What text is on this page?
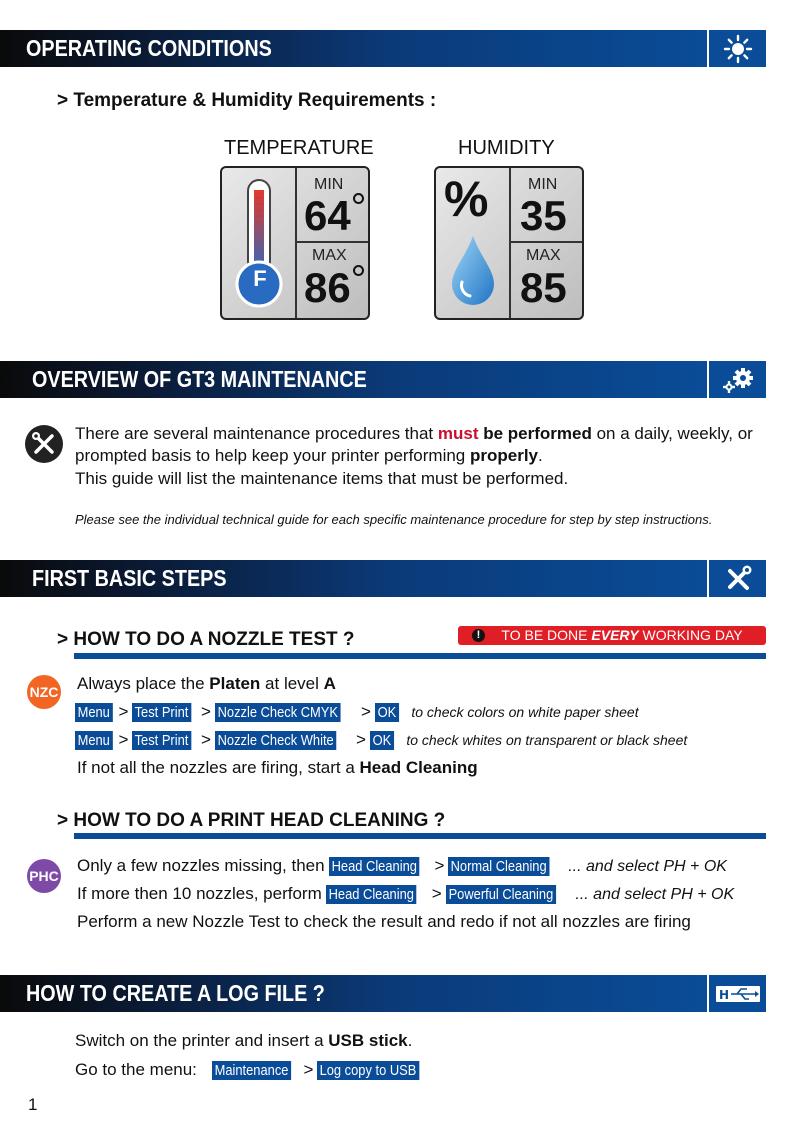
OPERATING CONDITIONS
> Temperature & Humidity Requirements :
TEMPERATURE
F
MIN
64
MAX
86
HUMIDITY
% MIN
35
MAX
85
OVERVIEW OF GT3 MAINTENANCE
There are several maintenance procedures that must be performed on a daily, weekly, or
prompted basis to help keep your printer performing properly.
This guide will list the maintenance items that must be performed.
Please see the individual technical guide for each specific maintenance procedure for step by step instructions.
FIRST BASIC STEPS
> HOW TO DO A NOZZLE TEST ?	!	TO BE DONE EVERY WORKING DAY
NZC Always place the Platen at level A
Menu > Test Print > Nozzle Check CMYK > OK to check colors on white paper sheet
Menu > Test Print > Nozzle Check White > OK to check whites on transparent or black sheet
If not all the nozzles are firing, start a Head Cleaning
> HOW TO DO A PRINT HEAD CLEANING ?
PHC
Only a few nozzles missing, then Head Cleaning > Normal Cleaning ... and select PH + OK
If more then 10 nozzles, perform Head Cleaning > Powerful Cleaning ... and select PH + OK
Perform a new Nozzle Test to check the result and redo if not all nozzles are firing
HOW TO CREATE A LOG FILE ?	H
Switch on the printer and insert a USB stick.
Go to the menu: Maintenance > Log copy to USB
1
